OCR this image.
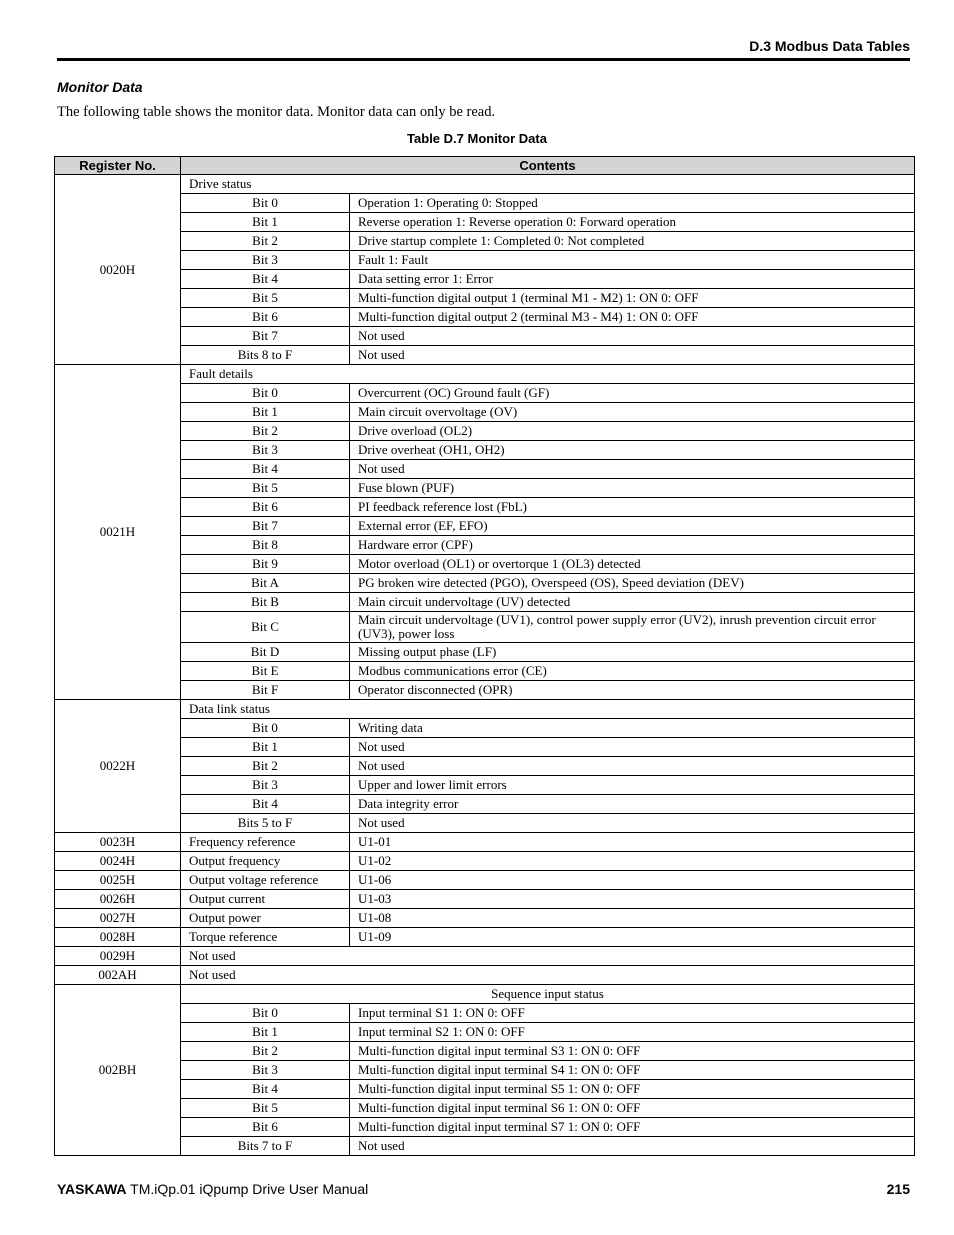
D.3 Modbus Data Tables
Monitor Data
The following table shows the monitor data. Monitor data can only be read.
Table D.7 Monitor Data
Register No.	Contents	
0020H	Drive status	
	Bit 0	Operation 1: Operating 0: Stopped
	Bit 1	Reverse operation 1: Reverse operation 0: Forward operation
	Bit 2	Drive startup complete 1: Completed 0: Not completed
	Bit 3	Fault 1: Fault
	Bit 4	Data setting error 1: Error
	Bit 5	Multi-function digital output 1 (terminal M1 - M2) 1: ON 0: OFF
	Bit 6	Multi-function digital output 2 (terminal M3 - M4) 1: ON 0: OFF
	Bit 7	Not used
	Bits 8 to F	Not used
0021H	Fault details	
	Bit 0	Overcurrent (OC) Ground fault (GF)
	Bit 1	Main circuit overvoltage (OV)
	Bit 2	Drive overload (OL2)
	Bit 3	Drive overheat (OH1, OH2)
	Bit 4	Not used
	Bit 5	Fuse blown (PUF)
	Bit 6	PI feedback reference lost (FbL)
	Bit 7	External error (EF, EFO)
	Bit 8	Hardware error (CPF)
	Bit 9	Motor overload (OL1) or overtorque 1 (OL3) detected
	Bit A	PG broken wire detected (PGO), Overspeed (OS), Speed deviation (DEV)
	Bit B	Main circuit undervoltage (UV) detected
	Bit C	Main circuit undervoltage (UV1), control power supply error (UV2), inrush prevention circuit error (UV3), power loss
	Bit D	Missing output phase (LF)
	Bit E	Modbus communications error (CE)
	Bit F	Operator disconnected (OPR)
0022H	Data link status	
	Bit 0	Writing data
	Bit 1	Not used
	Bit 2	Not used
	Bit 3	Upper and lower limit errors
	Bit 4	Data integrity error
	Bits 5 to F	Not used
0023H	Frequency reference	U1-01
0024H	Output frequency	U1-02
0025H	Output voltage reference	U1-06
0026H	Output current	U1-03
0027H	Output power	U1-08
0028H	Torque reference	U1-09
0029H	Not used	
002AH	Not used	
002BH	Sequence input status	
	Bit 0	Input terminal S1 1: ON 0: OFF
	Bit 1	Input terminal S2 1: ON 0: OFF
	Bit 2	Multi-function digital input terminal S3 1: ON 0: OFF
	Bit 3	Multi-function digital input terminal S4 1: ON 0: OFF
	Bit 4	Multi-function digital input terminal S5 1: ON 0: OFF
	Bit 5	Multi-function digital input terminal S6 1: ON 0: OFF
	Bit 6	Multi-function digital input terminal S7 1: ON 0: OFF
	Bits 7 to F	Not used
YASKAWA TM.iQp.01 iQpump Drive User Manual	215
